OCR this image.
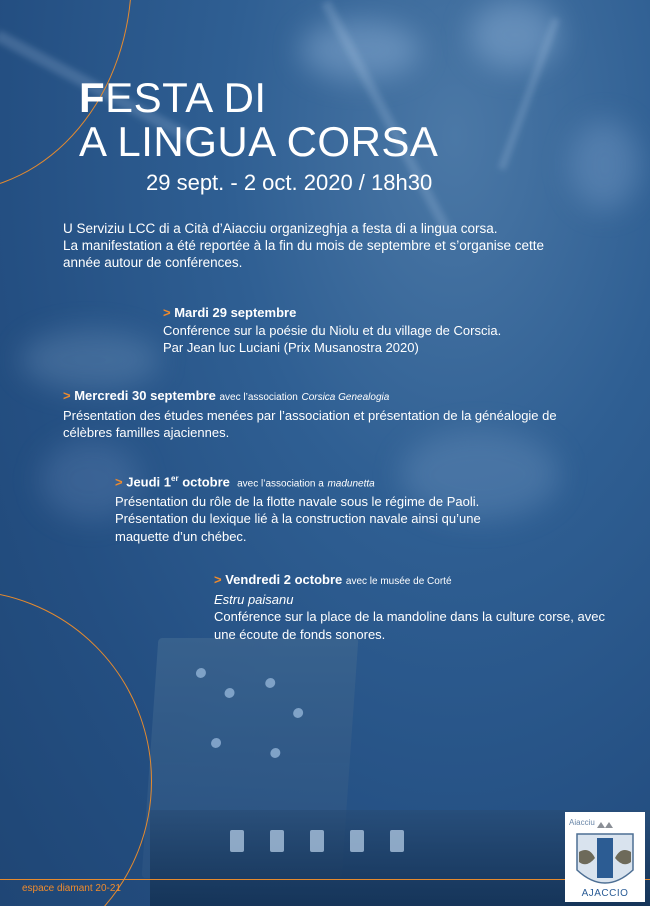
FESTA DI
A LINGUA CORSA
29 sept. - 2 oct. 2020 / 18h30
U Serviziu LCC di a Cità d’Aiacciu organizeghja a festa di a lingua corsa.
La manifestation a été reportée à la fin du mois de septembre et s’organise cette année autour de conférences.
> Mardi 29 septembre
Conférence sur la poésie du Niolu et du village de Corscia.
Par Jean luc Luciani (Prix Musanostra 2020)
> Mercredi 30 septembre avec l’association Corsica Genealogia
Présentation des études menées par l’association et présentation de la généalogie de célèbres familles ajaciennes.
> Jeudi 1er octobre avec l’association a madunetta
Présentation du rôle de la flotte navale sous le régime de Paoli.
Présentation du lexique lié à la construction navale ainsi qu’une maquette d’un chébec.
> Vendredi 2 octobre avec le musée de Corté
Estru paisanu
Conférence sur la place de la mandoline dans la culture corse, avec une écoute de fonds sonores.
espace diamant 20-21
Aiacciu
AJACCIO
